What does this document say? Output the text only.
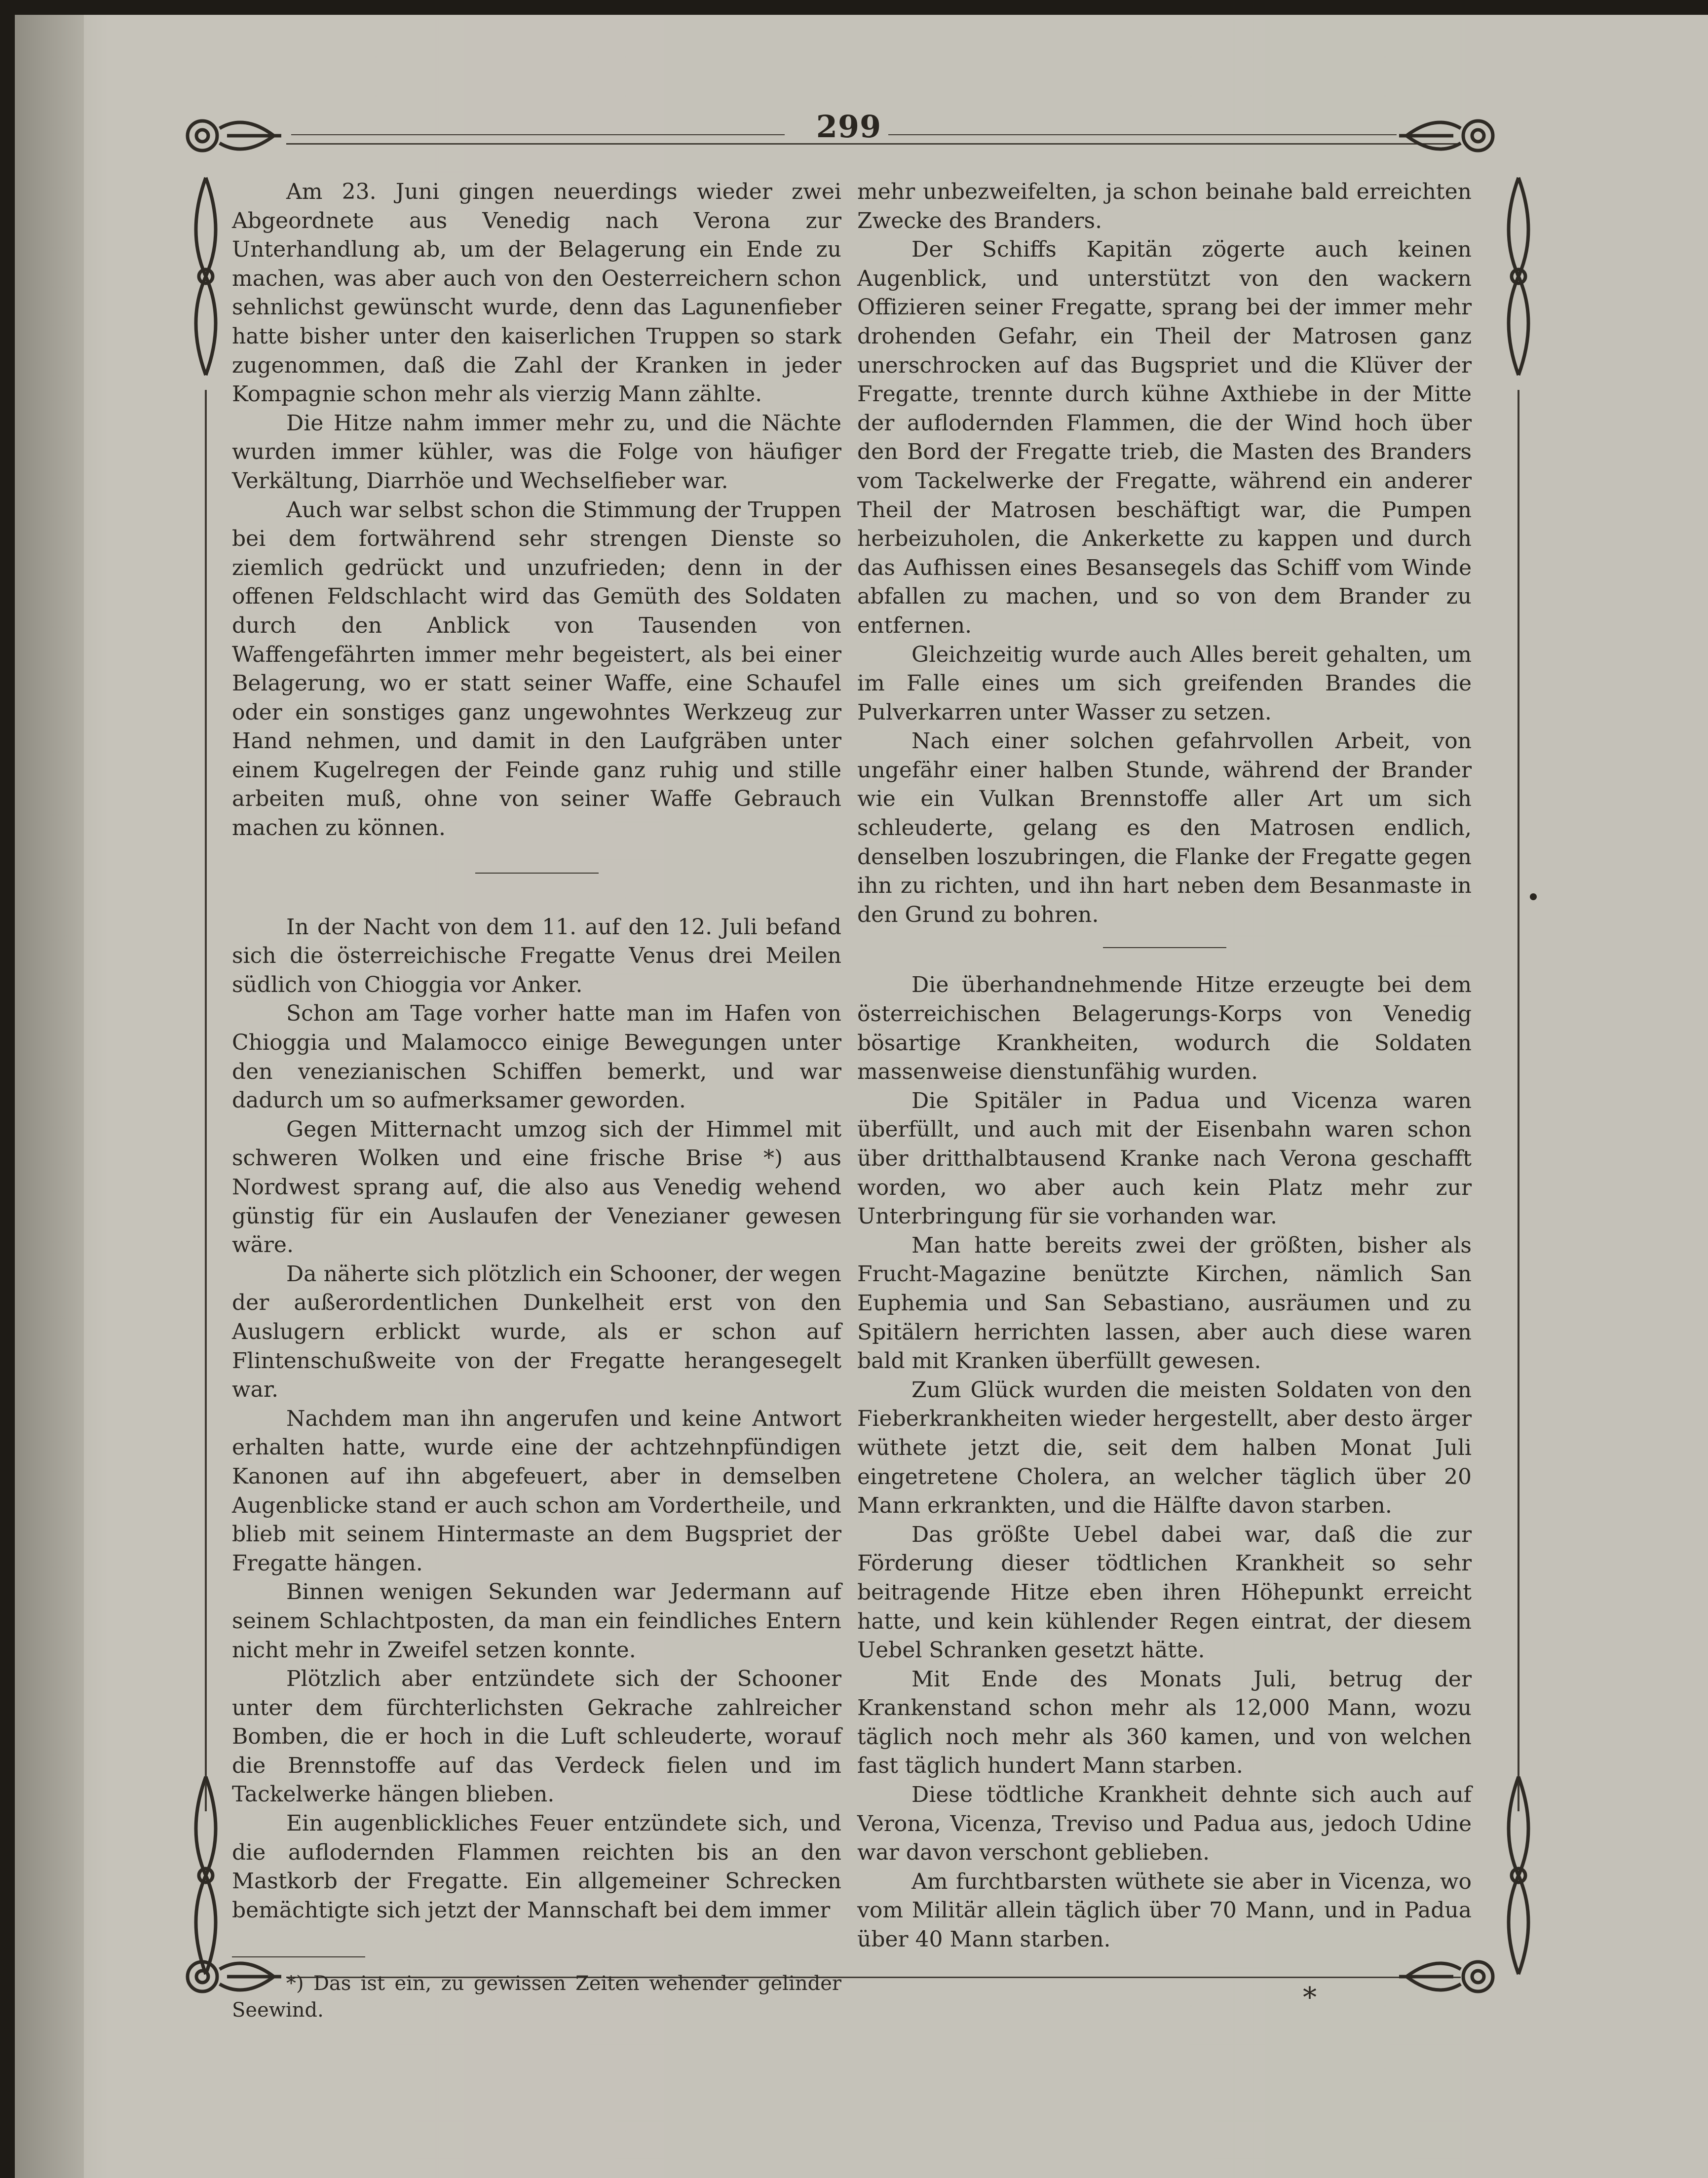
299

Am 23. Juni gingen neuerdings wieder zwei Abgeordnete aus Venedig nach Verona zur Unterhandlung ab, um der Belagerung ein Ende zu machen, was aber auch von den Oesterreichern schon sehnlichst gewünscht wurde, denn das Lagunenfieber hatte bisher unter den kaiserlichen Truppen so stark zugenommen, daß die Zahl der Kranken in jeder Kompagnie schon mehr als vierzig Mann zählte.

Die Hitze nahm immer mehr zu, und die Nächte wurden immer kühler, was die Folge von häufiger Verkältung, Diarrhöe und Wechselfieber war.

Auch war selbst schon die Stimmung der Truppen bei dem fortwährend sehr strengen Dienste so ziemlich gedrückt und unzufrieden; denn in der offenen Feldschlacht wird das Gemüth des Soldaten durch den Anblick von Tausenden von Waffengefährten immer mehr begeistert, als bei einer Belagerung, wo er statt seiner Waffe, eine Schaufel oder ein sonstiges ganz ungewohntes Werkzeug zur Hand nehmen, und damit in den Laufgräben unter einem Kugelregen der Feinde ganz ruhig und stille arbeiten muß, ohne von seiner Waffe Gebrauch machen zu können.

In der Nacht von dem 11. auf den 12. Juli befand sich die österreichische Fregatte Venus drei Meilen südlich von Chioggia vor Anker.

Schon am Tage vorher hatte man im Hafen von Chioggia und Malamocco einige Bewegungen unter den venezianischen Schiffen bemerkt, und war dadurch um so aufmerksamer geworden.

Gegen Mitternacht umzog sich der Himmel mit schweren Wolken und eine frische Brise *) aus Nordwest sprang auf, die also aus Venedig wehend günstig für ein Auslaufen der Venezianer gewesen wäre.

Da näherte sich plötzlich ein Schooner, der wegen der außerordentlichen Dunkelheit erst von den Auslugern erblickt wurde, als er schon auf Flintenschußweite von der Fregatte herangesegelt war.

Nachdem man ihn angerufen und keine Antwort erhalten hatte, wurde eine der achtzehnpfündigen Kanonen auf ihn abgefeuert, aber in demselben Augenblicke stand er auch schon am Vordertheile, und blieb mit seinem Hintermaste an dem Bugspriet der Fregatte hängen.

Binnen wenigen Sekunden war Jedermann auf seinem Schlachtposten, da man ein feindliches Entern nicht mehr in Zweifel setzen konnte.

Plötzlich aber entzündete sich der Schooner unter dem fürchterlichsten Gekrache zahlreicher Bomben, die er hoch in die Luft schleuderte, worauf die Brennstoffe auf das Verdeck fielen und im Tackelwerke hängen blieben.

Ein augenblickliches Feuer entzündete sich, und die auflodernden Flammen reichten bis an den Mastkorb der Fregatte. Ein allgemeiner Schrecken bemächtigte sich jetzt der Mannschaft bei dem immer

*) Das ist ein, zu gewissen Zeiten wehender gelinder Seewind.

mehr unbezweifelten, ja schon beinahe bald erreichten Zwecke des Branders.

Der Schiffs Kapitän zögerte auch keinen Augenblick, und unterstützt von den wackern Offizieren seiner Fregatte, sprang bei der immer mehr drohenden Gefahr, ein Theil der Matrosen ganz unerschrocken auf das Bugspriet und die Klüver der Fregatte, trennte durch kühne Axthiebe in der Mitte der auflodernden Flammen, die der Wind hoch über den Bord der Fregatte trieb, die Masten des Branders vom Tackelwerke der Fregatte, während ein anderer Theil der Matrosen beschäftigt war, die Pumpen herbeizuholen, die Ankerkette zu kappen und durch das Aufhissen eines Besansegels das Schiff vom Winde abfallen zu machen, und so von dem Brander zu entfernen.

Gleichzeitig wurde auch Alles bereit gehalten, um im Falle eines um sich greifenden Brandes die Pulverkarren unter Wasser zu setzen.

Nach einer solchen gefahrvollen Arbeit, von ungefähr einer halben Stunde, während der Brander wie ein Vulkan Brennstoffe aller Art um sich schleuderte, gelang es den Matrosen endlich, denselben loszubringen, die Flanke der Fregatte gegen ihn zu richten, und ihn hart neben dem Besanmaste in den Grund zu bohren.

Die überhandnehmende Hitze erzeugte bei dem österreichischen Belagerungs-Korps von Venedig bösartige Krankheiten, wodurch die Soldaten massenweise dienstunfähig wurden.

Die Spitäler in Padua und Vicenza waren überfüllt, und auch mit der Eisenbahn waren schon über dritthalbtausend Kranke nach Verona geschafft worden, wo aber auch kein Platz mehr zur Unterbringung für sie vorhanden war.

Man hatte bereits zwei der größten, bisher als Frucht-Magazine benützte Kirchen, nämlich San Euphemia und San Sebastiano, ausräumen und zu Spitälern herrichten lassen, aber auch diese waren bald mit Kranken überfüllt gewesen.

Zum Glück wurden die meisten Soldaten von den Fieberkrankheiten wieder hergestellt, aber desto ärger wüthete jetzt die, seit dem halben Monat Juli eingetretene Cholera, an welcher täglich über 20 Mann erkrankten, und die Hälfte davon starben.

Das größte Uebel dabei war, daß die zur Förderung dieser tödtlichen Krankheit so sehr beitragende Hitze eben ihren Höhepunkt erreicht hatte, und kein kühlender Regen eintrat, der diesem Uebel Schranken gesetzt hätte.

Mit Ende des Monats Juli, betrug der Krankenstand schon mehr als 12,000 Mann, wozu täglich noch mehr als 360 kamen, und von welchen fast täglich hundert Mann starben.

Diese tödtliche Krankheit dehnte sich auch auf Verona, Vicenza, Treviso und Padua aus, jedoch Udine war davon verschont geblieben.

Am furchtbarsten wüthete sie aber in Vicenza, wo vom Militär allein täglich über 70 Mann, und in Padua über 40 Mann starben.

*
